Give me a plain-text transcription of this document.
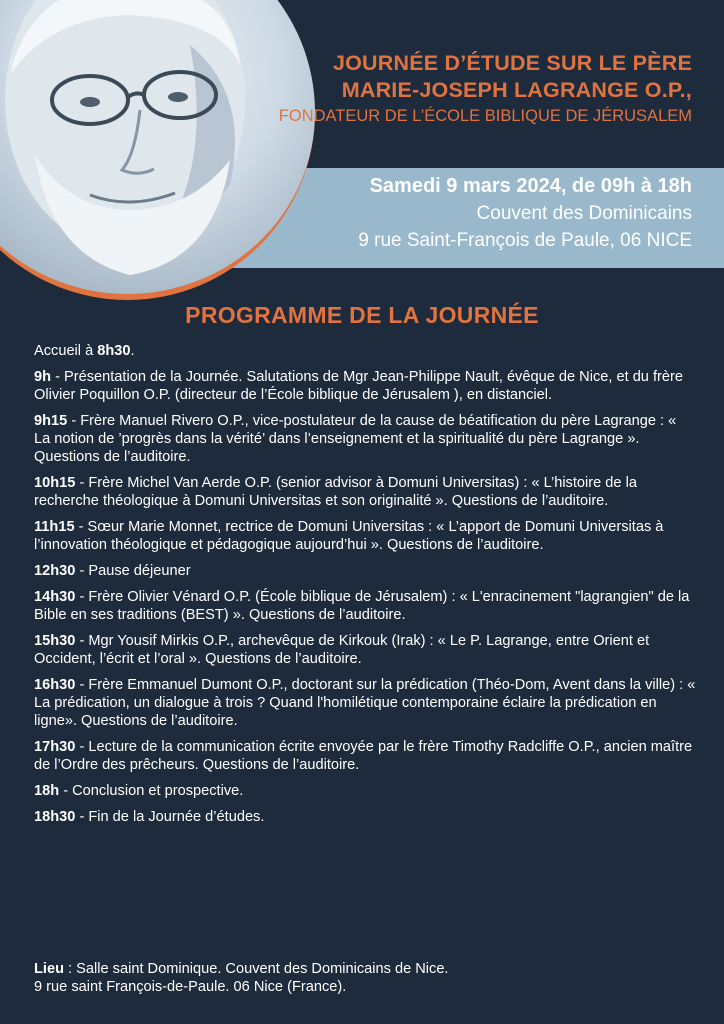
JOURNÉE D’ÉTUDE SUR LE PÈRE
MARIE-JOSEPH LAGRANGE O.P.,
FONDATEUR DE L’ÉCOLE BIBLIQUE DE JÉRUSALEM
Samedi 9 mars 2024, de 09h à 18h
Couvent des Dominicains
9 rue Saint-François de Paule, 06 NICE
PROGRAMME DE LA JOURNÉE
Accueil à 8h30.
9h - Présentation de la Journée. Salutations de Mgr Jean-Philippe Nault, évêque de Nice, et du frère Olivier Poquillon O.P. (directeur de l’École biblique de Jérusalem ), en distanciel.
9h15 - Frère Manuel Rivero O.P., vice-postulateur de la cause de béatification du père Lagrange : « La notion de ’progrès dans la vérité’ dans l’enseignement et la spiritualité du père Lagrange ». Questions de l’auditoire.
10h15 - Frère Michel Van Aerde O.P. (senior advisor à Domuni Universitas) : « L’histoire de la recherche théologique à Domuni Universitas et son originalité ». Questions de l’auditoire.
11h15 - Sœur Marie Monnet, rectrice de Domuni Universitas : « L’apport de Domuni Universitas à l’innovation théologique et pédagogique aujourd’hui ». Questions de l’auditoire.
12h30 - Pause déjeuner
14h30 - Frère Olivier Vénard O.P. (École biblique de Jérusalem) : « L'enracinement "lagrangien" de la Bible en ses traditions (BEST) ». Questions de l’auditoire.
15h30 - Mgr Yousif Mirkis O.P., archevêque de Kirkouk (Irak) : « Le P. Lagrange, entre Orient et Occident, l’écrit et l’oral ». Questions de l’auditoire.
16h30 - Frère Emmanuel Dumont O.P., doctorant sur la prédication (Théo-Dom, Avent dans la ville) : « La prédication, un dialogue à trois ? Quand l'homilétique contemporaine éclaire la prédication en ligne». Questions de l’auditoire.
17h30 - Lecture de la communication écrite envoyée par le frère Timothy Radcliffe O.P., ancien maître de l’Ordre des prêcheurs. Questions de l’auditoire.
18h - Conclusion et prospective.
18h30 - Fin de la Journée d’études.
Lieu : Salle saint Dominique. Couvent des Dominicains de Nice.
9 rue saint François-de-Paule. 06 Nice (France).
